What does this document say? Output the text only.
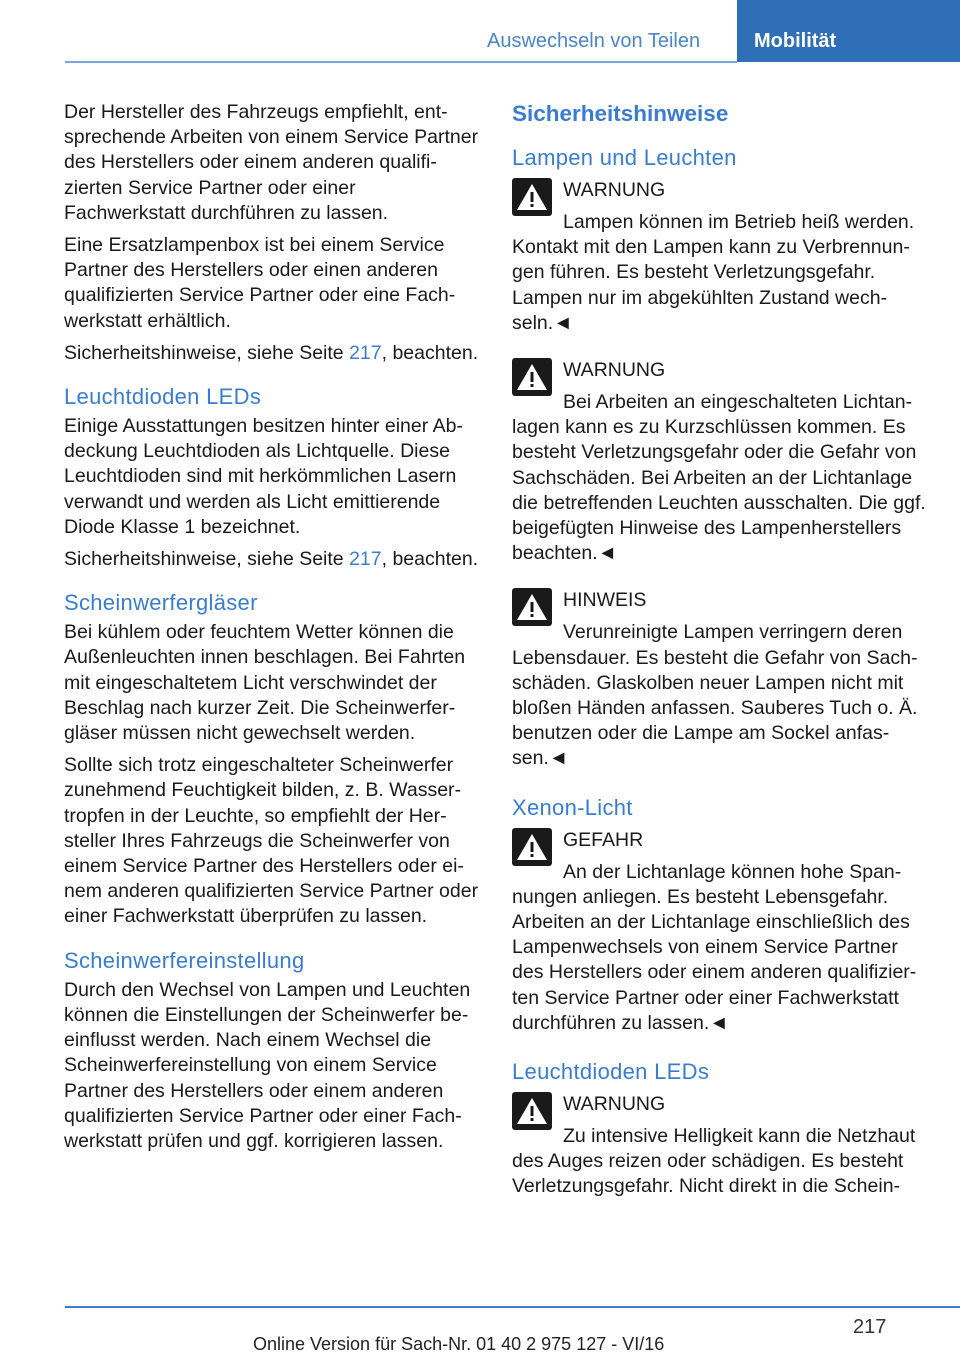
Auswechseln von Teilen	Mobilität

Der Hersteller des Fahrzeugs empfiehlt, entsprechende Arbeiten von einem Service Partner des Herstellers oder einem anderen qualifizierten Service Partner oder einer Fachwerkstatt durchführen zu lassen.

Eine Ersatzlampenbox ist bei einem Service Partner des Herstellers oder einen anderen qualifizierten Service Partner oder eine Fachwerkstatt erhältlich.

Sicherheitshinweise, siehe Seite 217, beachten.

Leuchtdioden LEDs

Einige Ausstattungen besitzen hinter einer Abdeckung Leuchtdioden als Lichtquelle. Diese Leuchtdioden sind mit herkömmlichen Lasern verwandt und werden als Licht emittierende Diode Klasse 1 bezeichnet.

Sicherheitshinweise, siehe Seite 217, beachten.

Scheinwerfergläser

Bei kühlem oder feuchtem Wetter können die Außenleuchten innen beschlagen. Bei Fahrten mit eingeschaltetem Licht verschwindet der Beschlag nach kurzer Zeit. Die Scheinwerfergläser müssen nicht gewechselt werden.

Sollte sich trotz eingeschalteter Scheinwerfer zunehmend Feuchtigkeit bilden, z. B. Wassertropfen in der Leuchte, so empfiehlt der Hersteller Ihres Fahrzeugs die Scheinwerfer von einem Service Partner des Herstellers oder einem anderen qualifizierten Service Partner oder einer Fachwerkstatt überprüfen zu lassen.

Scheinwerfereinstellung

Durch den Wechsel von Lampen und Leuchten können die Einstellungen der Scheinwerfer beeinflusst werden. Nach einem Wechsel die Scheinwerfereinstellung von einem Service Partner des Herstellers oder einem anderen qualifizierten Service Partner oder einer Fachwerkstatt prüfen und ggf. korrigieren lassen.

Sicherheitshinweise
Lampen und Leuchten
WARNUNG
Lampen können im Betrieb heiß werden. Kontakt mit den Lampen kann zu Verbrennungen führen. Es besteht Verletzungsgefahr. Lampen nur im abgekühlten Zustand wechseln.◄
WARNUNG
Bei Arbeiten an eingeschalteten Lichtanlagen kann es zu Kurzschlüssen kommen. Es besteht Verletzungsgefahr oder die Gefahr von Sachschäden. Bei Arbeiten an der Lichtanlage die betreffenden Leuchten ausschalten. Die ggf. beigefügten Hinweise des Lampenherstellers beachten.◄
HINWEIS
Verunreinigte Lampen verringern deren Lebensdauer. Es besteht die Gefahr von Sachschäden. Glaskolben neuer Lampen nicht mit bloßen Händen anfassen. Sauberes Tuch o. Ä. benutzen oder die Lampe am Sockel anfassen.◄
Xenon-Licht
GEFAHR
An der Lichtanlage können hohe Spannungen anliegen. Es besteht Lebensgefahr. Arbeiten an der Lichtanlage einschließlich des Lampenwechsels von einem Service Partner des Herstellers oder einem anderen qualifizierten Service Partner oder einer Fachwerkstatt durchführen zu lassen.◄
Leuchtdioden LEDs
WARNUNG
Zu intensive Helligkeit kann die Netzhaut des Auges reizen oder schädigen. Es besteht Verletzungsgefahr. Nicht direkt in die Schein-
217
Online Version für Sach-Nr. 01 40 2 975 127 - VI/16
